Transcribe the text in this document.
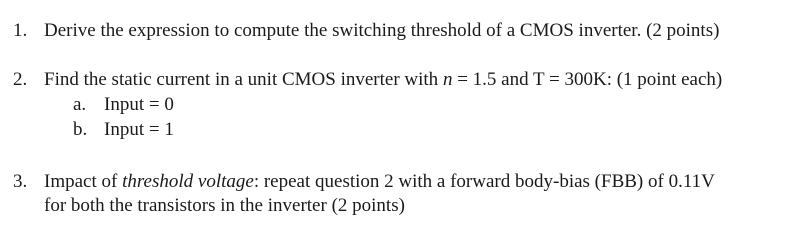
1. Derive the expression to compute the switching threshold of a CMOS inverter. (2 points)
2. Find the static current in a unit CMOS inverter with n = 1.5 and T = 300K: (1 point each)
a. Input = 0
b. Input = 1
3. Impact of threshold voltage: repeat question 2 with a forward body-bias (FBB) of 0.11V
for both the transistors in the inverter (2 points)
